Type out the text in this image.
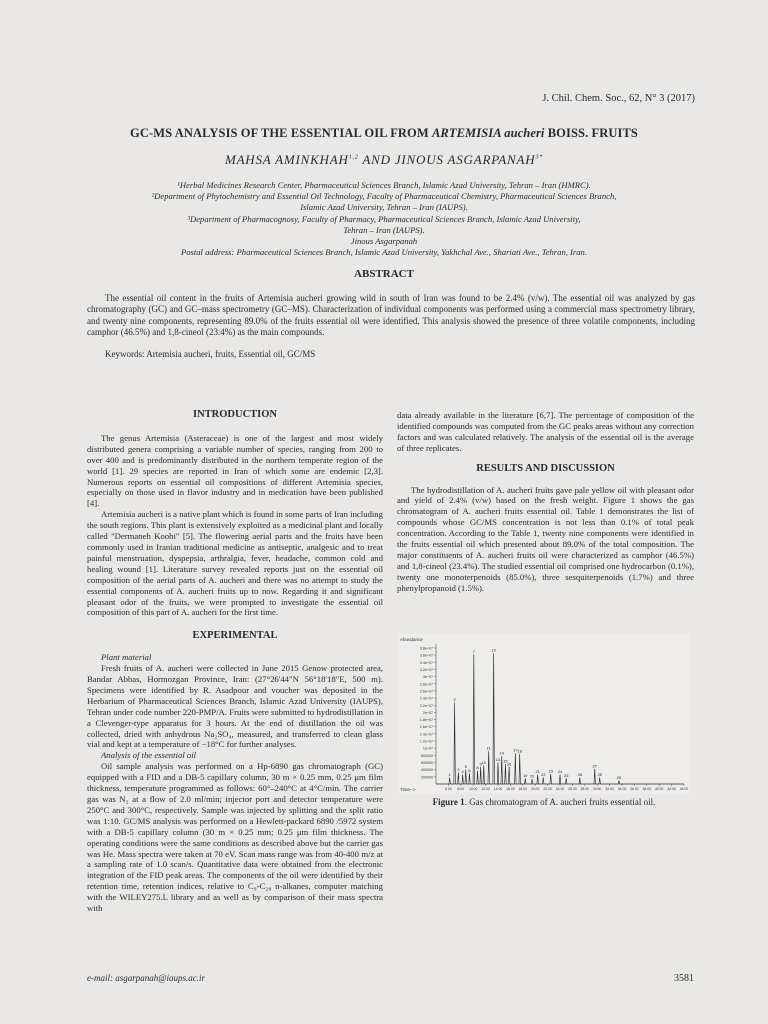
J. Chil. Chem. Soc., 62, N° 3 (2017)
GC-MS ANALYSIS OF THE ESSENTIAL OIL FROM ARTEMISIA aucheri BOISS. FRUITS
MAHSA AMINKHAH$^{1,2}$ AND JINOUS $ASGARPANAH^{3*}$
¹Herbal Medicines Research Center, Pharmaceutical Sciences Branch, Islamic Azad University, Tehran – Iran (HMRC).
²Department of Phytochemistry and Essential Oil Technology, Faculty of Pharmaceutical Chemistry, Pharmaceutical Sciences Branch,
Islamic Azad University, Tehran – Iran (IAUPS).
³Department of Pharmacognosy, Faculty of Pharmacy, Pharmaceutical Sciences Branch, Islamic Azad University,
Tehran – Iran (IAUPS).
Jinous Asgarpanah
Postal address: Pharmaceutical Sciences Branch, Islamic Azad University, Yakhchal Ave., Shariati Ave., Tehran, Iran.
ABSTRACT
The essential oil content in the fruits of Artemisia aucheri growing wild in south of Iran was found to be 2.4% (v/w). The essential oil was analyzed by gas chromatography (GC) and GC–mass spectrometry (GC–MS). Characterization of individual components was performed using a commercial mass spectrometry library, and twenty nine components, representing 89.0% of the fruits essential oil were identified. This analysis showed the presence of three volatile components, including camphor (46.5%) and 1,8-cineol (23.4%) as the main compounds.
Keywords: Artemisia aucheri, fruits, Essential oil, GC/MS
INTRODUCTION

The genus Artemisia (Asteraceae) is one of the largest and most widely distributed genera comprising a variable number of species, ranging from 200 to over 400 and is predominantly distributed in the northern temperate region of the world [1]. 29 species are reported in Iran of which some are endemic [2,3]. Numerous reports on essential oil compositions of different Artemisia species, especially on those used in flavor industry and in medication have been published [4].

Artemisia aucheri is a native plant which is found in some parts of Iran including the south regions. This plant is extensively exploited as a medicinal plant and locally called "Dermaneh Koohi" [5]. The flowering aerial parts and the fruits have been commonly used in Iranian traditional medicine as antiseptic, analgesic and to treat painful menstruation, dyspepsia, arthralgia, fever, headache, common cold and healing wound [1]. Literature survey revealed reports just on the essential oil composition of the aerial parts of A. aucheri and there was no attempt to study the essential components of A. aucheri fruits up to now. Regarding it and significant pleasant odor of the fruits, we were prompted to investigate the essential oil composition of this part of A. aucheri for the first time.

EXPERIMENTAL

Plant material

Fresh fruits of A. aucheri were collected in June 2015 Genow protected area, Bandar Abbas, Hormozgan Province, Iran: (27°26'44"N 56°18'18"E, 500 m). Specimens were identified by R. Asadpour and voucher was deposited in the Herbarium of Pharmaceutical Sciences Branch, Islamic Azad University (IAUPS), Tehran under code number 220-PMP/A. Fruits were submitted to hydrodistillation in a Clevenger-type apparatus for 3 hours. At the end of distillation the oil was collected, dried with anhydrous Na₂SO₄, measured, and transferred to clean glass vial and kept at a temperature of −18°C for further analyses.

Analysis of the essential oil

Oil sample analysis was performed on a Hp-6890 gas chromatograph (GC) equipped with a FID and a DB-5 capillary column, 30 m × 0.25 mm, 0.25 μm film thickness, temperature programmed as follows: 60°–240°C at 4°C/min. The carrier gas was N₂ at a flow of 2.0 ml/min; injector port and detector temperature were 250°C and 300°C, respectively. Sample was injected by splitting and the split ratio was 1:10. GC/MS analysis was performed on a Hewlett-packard 6890 /5972 system with a DB-5 capillary column (30 m × 0.25 mm; 0.25 μm film thickness. The operating conditions were the same conditions as described above but the carrier gas was He. Mass spectra were taken at 70 eV. Scan mass range was from 40-400 m/z at a sampling rate of 1.0 scan/s. Quantitative data were obtained from the electronic integration of the FID peak areas. The components of the oil were identified by their retention time, retention indices, relative to C₉-C₂₈ n-alkanes, computer matching with the WILEY275.L library and as well as by comparison of their mass spectra with

data already available in the literature [6,7]. The percentage of composition of the identified compounds was computed from the GC peaks areas without any correction factors and was calculated relatively. The analysis of the essential oil is the average of three replicates.

RESULTS AND DISCUSSION

The hydrodistillation of A. aucheri fruits gave pale yellow oil with pleasant odor and yield of 2.4% (v/w) based on the fresh weight. Figure 1 shows the gas chromatogram of A. aucheri fruits essential oil. Table 1 demonstrates the list of compounds whose GC/MS concentration is not less than 0.1% of total peak concentration. According to the Table 1, twenty nine components were identified in the fruits essential oil which presented about 89.0% of the total composition. The major constituents of A. aucheri fruits oil were characterized as camphor (46.5%) and 1,8-cineol (23.4%). The studied essential oil comprised one hydrocarbon (0.1%), twenty one monoterpenoids (85.0%), three sesquiterpenoids (1.7%) and three phenylpropanoid (1.5%).

Abundance
Time-->
200000
400000
600000
800000
1e+07
1.2e+07
1.4e+07
1.6e+07
1.8e+07
2e+07
2.2e+07
2.4e+07
2.6e+07
2.8e+07
3e+07
3.2e+07
3.4e+07
3.6e+07
3.8e+07
6.00 8.00 10.00 12.00 14.00 16.00 18.00 20.00 22.00 24.00 26.00 28.00 30.00 32.00 34.00 36.00 38.00 40.00 42.00 44.00
1
2
3 4
5
6
7
8
9 10
11
12
13
14
15
16
17 18
19 20
21
22
23 24
25 26
27
28
29
Figure 1. Gas chromatogram of A. aucheri fruits essential oil.
e-mail: asgarpanah@iaups.ac.ir	3581
